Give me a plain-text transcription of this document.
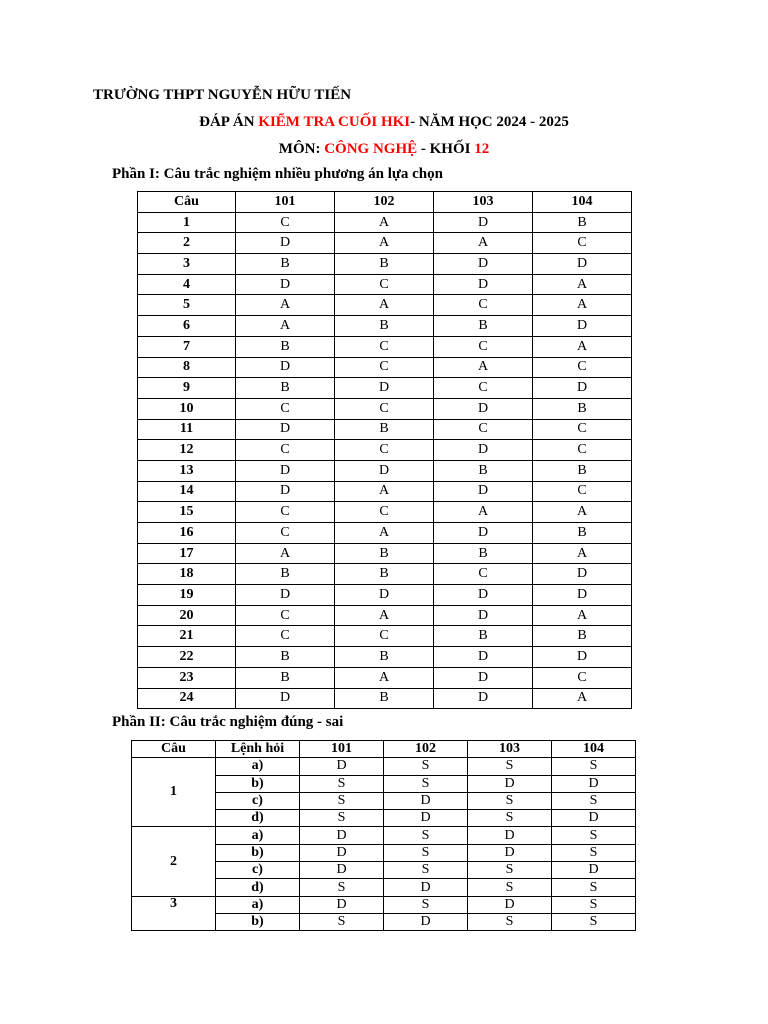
TRƯỜNG THPT NGUYỄN HỮU TIẾN
ĐÁP ÁN KIỂM TRA CUỐI HKI- NĂM HỌC 2024 - 2025
MÔN: CÔNG NGHỆ - KHỐI 12
Phần I: Câu trắc nghiệm nhiều phương án lựa chọn
Câu	101	102	103	104
1	C	A	D	B
2	D	A	A	C
3	B	B	D	D
4	D	C	D	A
5	A	A	C	A
6	A	B	B	D
7	B	C	C	A
8	D	C	A	C
9	B	D	C	D
10	C	C	D	B
11	D	B	C	C
12	C	C	D	C
13	D	D	B	B
14	D	A	D	C
15	C	C	A	A
16	C	A	D	B
17	A	B	B	A
18	B	B	C	D
19	D	D	D	D
20	C	A	D	A
21	C	C	B	B
22	B	B	D	D
23	B	A	D	C
24	D	B	D	A
Phần II: Câu trắc nghiệm đúng - sai
Câu	Lệnh hỏi	101	102	103	104
1	a)	D	S	S	S
	b)	S	S	D	D
	c)	S	D	S	S
	d)	S	D	S	D
2	a)	D	S	D	S
	b)	D	S	D	S
	c)	D	S	S	D
	d)	S	D	S	S
3	a)	D	S	D	S
	b)	S	D	S	S
